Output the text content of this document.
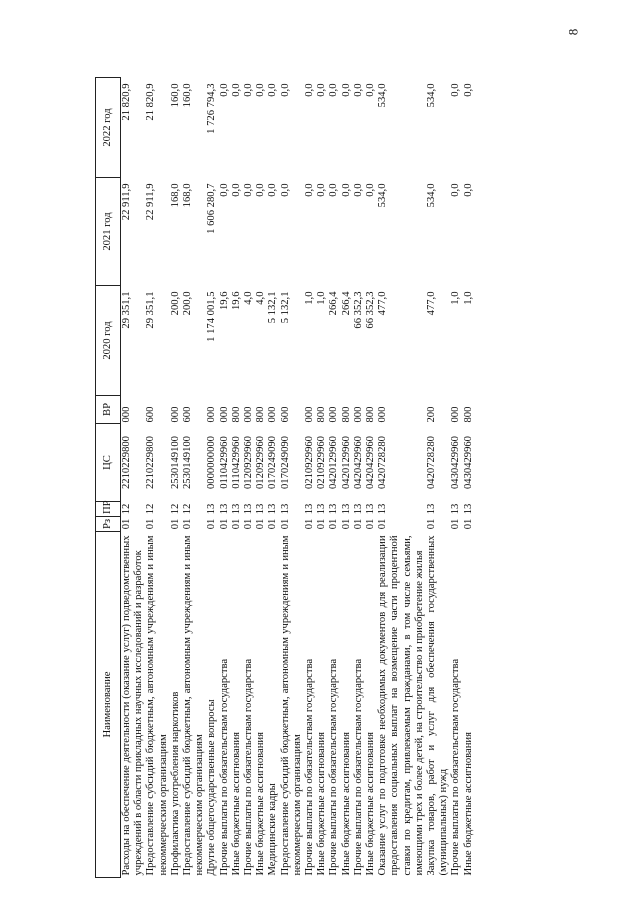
8
Наименование	Рз	ПР	ЦС	ВР	2020 год	2021 год	2022 год
Расходы на обеспечение деятельности (оказание услуг) подведомственных учреждений в области прикладных научных исследований и разработок	01	12	2210229800	000	29 351,1	22 911,9	21 820,9
Предоставление субсидий бюджетным, автономным учреждениям и иным некоммерческим организациям	01	12	2210229800	600	29 351,1	22 911,9	21 820,9
Профилактика употребления наркотиков	01	12	2530149100	000	200,0	168,0	160,0
Предоставление субсидий бюджетным, автономным учреждениям и иным некоммерческим организациям	01	12	2530149100	600	200,0	168,0	160,0
Другие общегосударственные вопросы	01	13	0000000000	000	1 174 001,5	1 606 280,7	1 726 794,3
Прочие выплаты по обязательствам государства	01	13	0110429960	000	19,6	0,0	0,0
Иные бюджетные ассигнования	01	13	0110429960	800	19,6	0,0	0,0
Прочие выплаты по обязательствам государства	01	13	0120929960	000	4,0	0,0	0,0
Иные бюджетные ассигнования	01	13	0120929960	800	4,0	0,0	0,0
Медицинские кадры	01	13	0170249090	000	5 132,1	0,0	0,0
Предоставление субсидий бюджетным, автономным учреждениям и иным некоммерческим организациям	01	13	0170249090	600	5 132,1	0,0	0,0
Прочие выплаты по обязательствам государства	01	13	0210929960	000	1,0	0,0	0,0
Иные бюджетные ассигнования	01	13	0210929960	800	1,0	0,0	0,0
Прочие выплаты по обязательствам государства	01	13	0420129960	000	266,4	0,0	0,0
Иные бюджетные ассигнования	01	13	0420129960	800	266,4	0,0	0,0
Прочие выплаты по обязательствам государства	01	13	0420429960	000	66 352,3	0,0	0,0
Иные бюджетные ассигнования	01	13	0420429960	800	66 352,3	0,0	0,0
Оказание услуг по подготовке необходимых документов для реализации предоставления социальных выплат на возмещение части процентной ставки по кредитам, привлекаемым гражданами, в том числе семьями, имеющими трех и более детей, на строительство и приобретение жилья	01	13	0420728280	000	477,0	534,0	534,0
Закупка товаров, работ и услуг для обеспечения государственных (муниципальных) нужд	01	13	0420728280	200	477,0	534,0	534,0
Прочие выплаты по обязательствам государства	01	13	0430429960	000	1,0	0,0	0,0
Иные бюджетные ассигнования	01	13	0430429960	800	1,0	0,0	0,0
